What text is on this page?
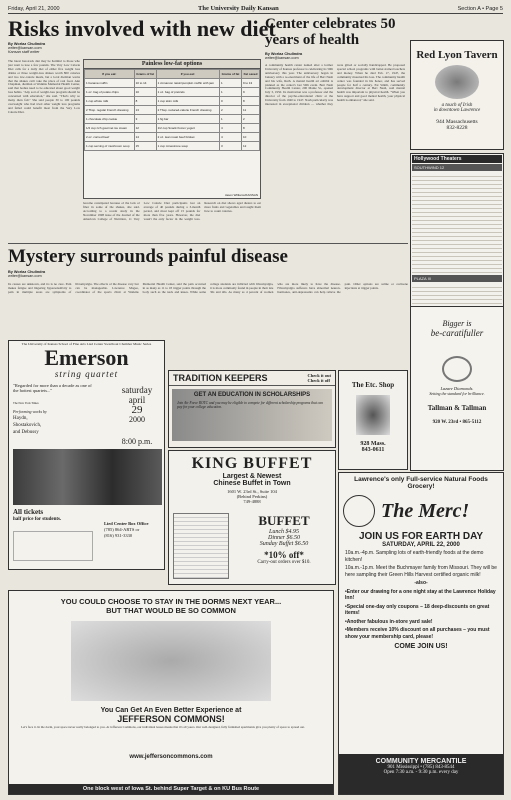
Friday, April 21, 2000	The University Daily Kansan	Section A • Page 5
Risks involved with new diet
By Worlaz Chulindra
writer@kansan.com
Kansan staff writer
The latest fast-track diet may be harmful to those who just want to lose a few pounds. The Very Low Calorie Diet calls for a daily diet of either five weight loss drinks or three weight-loss shakes worth 800 calories and two low-calorie meals, but a local dietitian warns that the shakes can't take the place of real food. Ann Chapman, dietitian at Watkins Memorial Health Center, said that bodies need to be educated about good weight loss habits. "Any sort of weight-loss program should be concerned with education," she said. "That's why so many diets fail." She said people 30 to 100 pounds overweight who had tried other weight loss programs and failed could benefit most from the Very Low Calorie Diet.
Painless low-fat options
If you eat:	Grams of fat	If you eat:	Grams of fat	Fat saved
1 banana muffin	10 to 14	1 cinnamon raisin/pumpkin muffin with jam	1	9 to 13
1 oz. bag of potato chips	10	1 oz. bag of pretzels	1	9
1 cup whole milk	8	1 cup skim milk	0	8
2 Tbsp. regular French dressing	13	2 Tbsp. reduced-calorie French dressing	2	11
1 chocolate chip cookie	3	1 fig bar	1	2
1/2 cup rich gourmet ice cream	12	1/2 cup Snack frozen yogurt	4	8
2 oz. corned beef	14	2 oz. lean roast beef brisket	4	10
1 cup serving of mushroom soup	15	1 cup minestrone soup	3	12
Jason Williams/KANSAN
become constipated because of the lack of fiber in some of the shakes, she said. According to a recent study in the November 1998 issue of the Journal of the American College of Nutrition, 11 Very Low Calorie Diet participants lost an average of 40 pounds during a 3-month period, and most kept off 15 pounds for more than five years. However, the diet wasn't the only factor in the weight loss. Research on diet shows aged dieters to eat more fruits and vegetables and taught them how to count calories.
Center celebrates 50 years of health
By Worlaz Chulindra
writer@kansan.com
A community health center named after a former University of Kansas professor is celebrating its 50th anniversary this year. The anniversary began in January with a re-enactment of the life of Bert Nash and his wife, Ruth. A mental health art exhibit is planned as the center's last 50th event. Bert Nash Community Health Center, 200 Maine St., opened July 3, 1950. Its motivation was a professor and the director of the psycho-educational clinic at the University from 1940 to 1947. Nash particularly was interested in exceptional children — whether they were gifted or socially handicapped. He proposed special school programs with better-trained teachers and money. When he died Feb. 17, 1947, the community mourned his loss. The community health center was founded in his honor, and has served people for half a century. Pat Smith, community development director at Bert Nash, said mental health was important to physical health. "When you have support and good mental health, your physical health is enhanced," she said.
Red Lyon Tavern
a touch of Irish
in downtown Lawrence
944 Massachusetts
832-8228
Hollywood Theaters
SOUTHWIND 12
PLAZA III
Mystery surrounds painful disease
By Worlaz Chulindra
writer@kansan.com
Its causes are unknown, and its is no cure. Pain makes fatigue and lingering hypersensitivity to pain in multiple areas are symptoms of fibromyalgia. The effects of the disease vary but can be manageable. Lawrence Magee, coordinator of the sports clinic at Watkins Memorial Health Center, said the pain occurred in as many as 11 to 18 trigger points through the body such as the neck and knees. While some college students are inflicted with fibromyalgia, it is more commonly found in people in their late 30s and 40s. As many as 4 percent of women who are more likely to have the disease. Fibromyalgia sufferers have abnormal neuron-hormones, anti-depressants can help relieve the pain. Other options are saline or cortisone injections at trigger points.
Bigger is
be-caratifuller
Lazare Diamonds.
Setting the standard for brilliance.
Tallman & Tallman
920 W. 23rd • 865-5112
The University of Kansas School of Fine Arts Lied Center Swarthout Chamber Music Series
Emerson
string quartet
"Regarded for more than a decade as one of the hottest quartets..."
The New York Times
Performing works by
Haydn,
Shostakovich,
and Debussy
saturday
april
29
2000
8:00 p.m.
All tickets
half price for students.
Lied Center Box Office
(785) 864-ARTS or
(816) 931-3330
TRADITION KEEPERS	Check it out
Check it off
GET AN EDUCATION IN SCHOLARSHIPS
Join Air Force ROTC and you may be eligible to compete for different scholarship programs that can pay for your college education.
The Etc. Shop
928 Mass.
843-0611
KING BUFFET
Largest & Newest
Chinese Buffet in Town
1601 W. 23rd St., Suite 104
(Behind Perkins)
749-4888
BUFFET
Lunch $4.95
Dinner $6.50
Sunday Buffet $6.50
*10% off*
Carry-out orders over $10.
Lawrence's only Full-service Natural Foods Grocery!
The Merc!
JOIN US FOR EARTH DAY
SATURDAY, APRIL 22, 2000
10a.m.-4p.m. Sampling lots of earth-friendly foods at the demo kitchen!
10a.m.-1p.m. Meet the Buchmayer family from Missouri. They will be here sampling their Green Hills Harvest certified organic milk!
-also-
•Enter our drawing for a one night stay at the Lawrence Holiday Inn!
•Special one-day only coupons – 18 deep-discounts on great items!
•Another fabulous in-store yard sale!
•Members receive 10% discount on all purchases – you must show your membership card, please!
COME JOIN US!
COMMUNITY MERCANTILE
901 Mississippi • (785) 843-8544
Open 7:30 a.m. - 9:30 p.m. every day
YOU COULD CHOOSE TO STAY IN THE DORMS NEXT YEAR...
BUT THAT WOULD BE SO COMMON
You Can Get An Even Better Experience at
JEFFERSON COMMONS!
Let's face it. In the dorm, your space never really belonged to you. At Jefferson Commons, our individual leases means that it's all yours. Our well-designed, fully furnished apartments give you plenty of space to spread out.
www.jeffersoncommons.com
One block west of Iowa St. behind Super Target & on KU Bus Route
